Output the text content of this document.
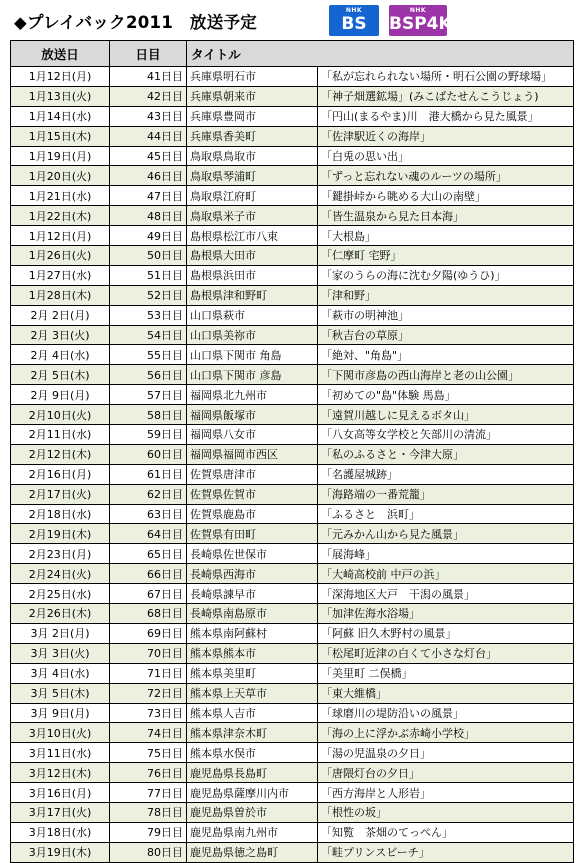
◆プレイバック2011　放送予定
NHK
BS
NHK
BSP4K
放送日	日目	タイトル	
1月12日(月)	41日目	兵庫県明石市	「私が忘れられない場所・明石公園の野球場」
1月13日(火)	42日目	兵庫県朝来市	「神子畑選鉱場」(みこばたせんこうじょう)
1月14日(水)	43日目	兵庫県豊岡市	「円山(まるやま)川　港大橋から見た風景」
1月15日(木)	44日目	兵庫県香美町	「佐津駅近くの海岸」
1月19日(月)	45日目	鳥取県鳥取市	「白兎の思い出」
1月20日(火)	46日目	鳥取県琴浦町	「ずっと忘れない魂のルーツの場所」
1月21日(水)	47日目	鳥取県江府町	「鍵掛峠から眺める大山の南壁」
1月22日(木)	48日目	鳥取県米子市	「皆生温泉から見た日本海」
1月12日(月)	49日目	島根県松江市八束	「大根島」
1月26日(火)	50日目	島根県大田市	「仁摩町 宅野」
1月27日(水)	51日目	島根県浜田市	「家のうらの海に沈む夕陽(ゆうひ)」
1月28日(木)	52日目	島根県津和野町	「津和野」
2月 2日(月)	53日目	山口県萩市	「萩市の明神池」
2月 3日(火)	54日目	山口県美祢市	「秋吉台の草原」
2月 4日(水)	55日目	山口県下関市 角島	「絶対、"角島"」
2月 5日(木)	56日目	山口県下関市 彦島	「下関市彦島の西山海岸と老の山公園」
2月 9日(月)	57日目	福岡県北九州市	「初めての"島"体験 馬島」
2月10日(火)	58日目	福岡県飯塚市	「遠賀川越しに見えるボタ山」
2月11日(水)	59日目	福岡県八女市	「八女高等女学校と矢部川の清流」
2月12日(木)	60日目	福岡県福岡市西区	「私のふるさと・今津大原」
2月16日(月)	61日目	佐賀県唐津市	「名護屋城跡」
2月17日(火)	62日目	佐賀県佐賀市	「海路端の一番荒籠」
2月18日(水)	63日目	佐賀県鹿島市	「ふるさと　浜町」
2月19日(木)	64日目	佐賀県有田町	「元みかん山から見た風景」
2月23日(月)	65日目	長崎県佐世保市	「展海峰」
2月24日(火)	66日目	長崎県西海市	「大崎高校前 中戸の浜」
2月25日(水)	67日目	長崎県諫早市	「深海地区大戸　干潟の風景」
2月26日(木)	68日目	長崎県南島原市	「加津佐海水浴場」
3月 2日(月)	69日目	熊本県南阿蘇村	「阿蘇 旧久木野村の風景」
3月 3日(火)	70日目	熊本県熊本市	「松尾町近津の白くて小さな灯台」
3月 4日(水)	71日目	熊本県美里町	「美里町 二俣橋」
3月 5日(木)	72日目	熊本県上天草市	「東大維橋」
3月 9日(月)	73日目	熊本県人吉市	「球磨川の堤防沿いの風景」
3月10日(火)	74日目	熊本県津奈木町	「海の上に浮かぶ赤崎小学校」
3月11日(水)	75日目	熊本県水俣市	「湯の児温泉の夕日」
3月12日(木)	76日目	鹿児島県長島町	「唐隈灯台の夕日」
3月16日(月)	77日目	鹿児島県薩摩川内市	「西方海岸と人形岩」
3月17日(火)	78日目	鹿児島県曽於市	「根性の坂」
3月18日(水)	79日目	鹿児島県南九州市	「知覧　茶畑のてっぺん」
3月19日(木)	80日目	鹿児島県徳之島町	「畦プリンスビーチ」
